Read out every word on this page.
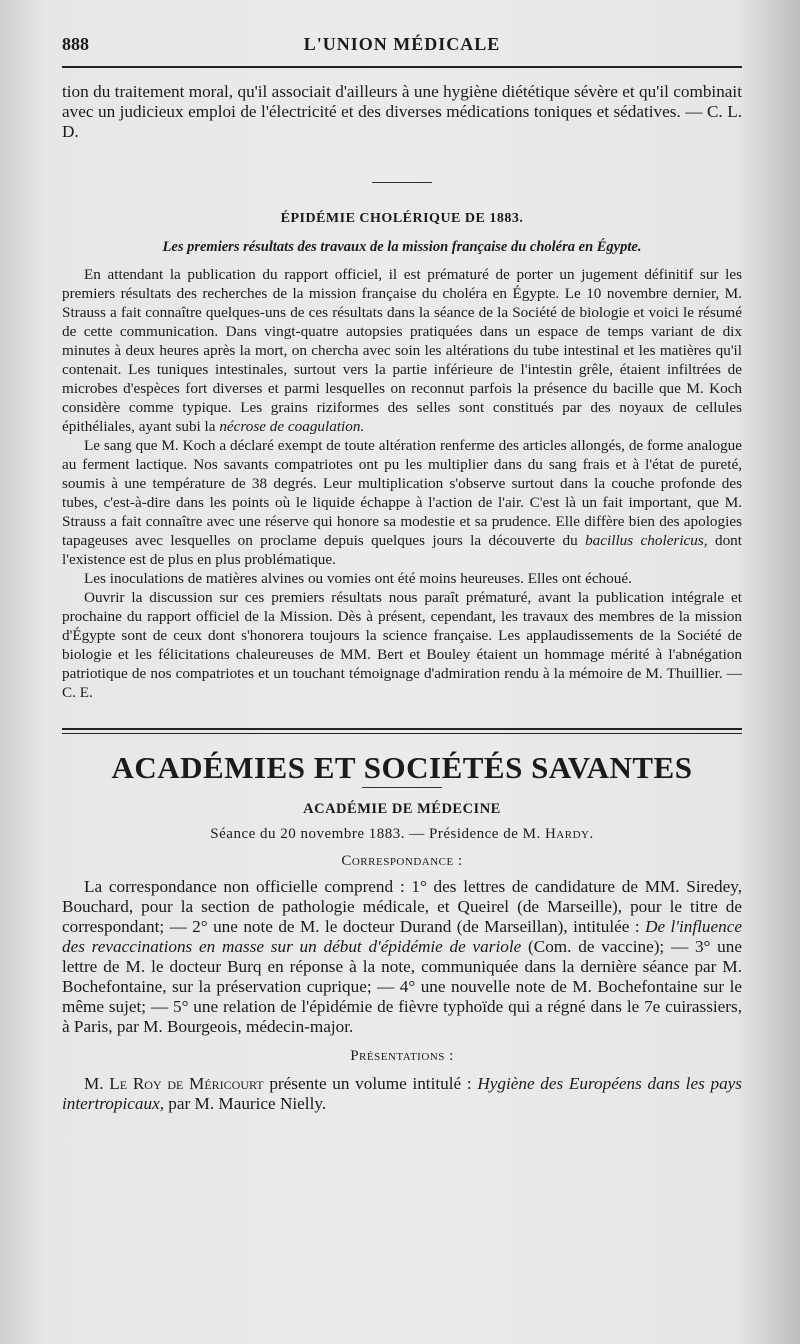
888	L'UNION MÉDICALE

tion du traitement moral, qu'il associait d'ailleurs à une hygiène diététique sévère et qu'il combinait avec un judicieux emploi de l'électricité et des diverses médications toniques et sédatives. — C. L. D.

ÉPIDÉMIE CHOLÉRIQUE DE 1883.

Les premiers résultats des travaux de la mission française du choléra en Égypte.

En attendant la publication du rapport officiel, il est prématuré de porter un jugement définitif sur les premiers résultats des recherches de la mission française du choléra en Égypte. Le 10 novembre dernier, M. Strauss a fait connaître quelques-uns de ces résultats dans la séance de la Société de biologie et voici le résumé de cette communication. Dans vingt-quatre autopsies pratiquées dans un espace de temps variant de dix minutes à deux heures après la mort, on chercha avec soin les altérations du tube intestinal et les matières qu'il contenait. Les tuniques intestinales, surtout vers la partie inférieure de l'intestin grêle, étaient infiltrées de microbes d'espèces fort diverses et parmi lesquelles on reconnut parfois la présence du bacille que M. Koch considère comme typique. Les grains riziformes des selles sont constitués par des noyaux de cellules épithéliales, ayant subi la nécrose de coagulation.

Le sang que M. Koch a déclaré exempt de toute altération renferme des articles allongés, de forme analogue au ferment lactique. Nos savants compatriotes ont pu les multiplier dans du sang frais et à l'état de pureté, soumis à une température de 38 degrés. Leur multiplication s'observe surtout dans la couche profonde des tubes, c'est-à-dire dans les points où le liquide échappe à l'action de l'air. C'est là un fait important, que M. Strauss a fait connaître avec une réserve qui honore sa modestie et sa prudence. Elle diffère bien des apologies tapageuses avec lesquelles on proclame depuis quelques jours la découverte du bacillus cholericus, dont l'existence est de plus en plus problématique.

Les inoculations de matières alvines ou vomies ont été moins heureuses. Elles ont échoué.

Ouvrir la discussion sur ces premiers résultats nous paraît prématuré, avant la publication intégrale et prochaine du rapport officiel de la Mission. Dès à présent, cependant, les travaux des membres de la mission d'Égypte sont de ceux dont s'honorera toujours la science française. Les applaudissements de la Société de biologie et les félicitations chaleureuses de MM. Bert et Bouley étaient un hommage mérité à l'abnégation patriotique de nos compatriotes et un touchant témoignage d'admiration rendu à la mémoire de M. Thuillier. — C. E.

ACADÉMIES ET SOCIÉTÉS SAVANTES

ACADÉMIE DE MÉDECINE

Séance du 20 novembre 1883. — Présidence de M. Hardy.

Correspondance :

La correspondance non officielle comprend : 1° des lettres de candidature de MM. Siredey, Bouchard, pour la section de pathologie médicale, et Queirel (de Marseille), pour le titre de correspondant; — 2° une note de M. le docteur Durand (de Marseillan), intitulée : De l'influence des revaccinations en masse sur un début d'épidémie de variole (Com. de vaccine); — 3° une lettre de M. le docteur Burq en réponse à la note, communiquée dans la dernière séance par M. Bochefontaine, sur la préservation cuprique; — 4° une nouvelle note de M. Bochefontaine sur le même sujet; — 5° une relation de l'épidémie de fièvre typhoïde qui a régné dans le 7e cuirassiers, à Paris, par M. Bourgeois, médecin-major.

Présentations :

M. Le Roy de Méricourt présente un volume intitulé : Hygiène des Européens dans les pays intertropicaux, par M. Maurice Nielly.
